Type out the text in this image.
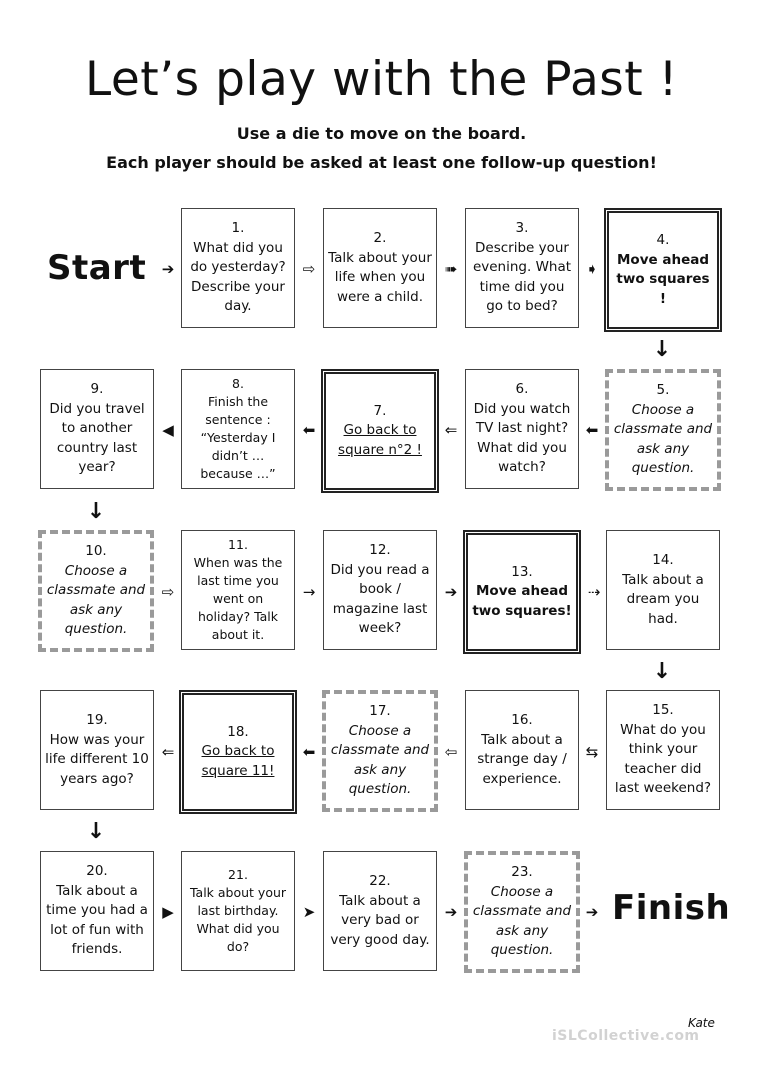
Let’s play with the Past !
Use a die to move on the board.
Each player should be asked at least one follow-up question!
Start
Finish
1.
What did you do yesterday? Describe your day.
2.
Talk about your life when you were a child.
3.
Describe your evening. What time did you go to bed?
4.
Move ahead two squares !
9.
Did you travel to another country last year?
8.
Finish the sentence : “Yesterday I didn’t … because …”
7.
Go back to square n°2 !
6.
Did you watch TV last night? What did you watch?
5.
Choose a classmate and ask any question.
10.
Choose a classmate and ask any question.
11.
When was the last time you went on holiday? Talk about it.
12.
Did you read a book / magazine last week?
13.
Move ahead two squares!
14.
Talk about a dream you had.
19.
How was your life different 10 years ago?
18.
Go back to square 11!
17.
Choose a classmate and ask any question.
16.
Talk about a strange day / experience.
15.
What do you think your teacher did last weekend?
20.
Talk about a time you had a lot of fun with friends.
21.
Talk about your last birthday. What did you do?
22.
Talk about a very bad or very good day.
23.
Choose a classmate and ask any question.
➔	⇨	➠	➧
↓
⬅
⇐
⬅
◀
↓
⇨	→	➔	⇢
↓
⇆
⇦
⬅
⇐
↓
▶	➤	➔	➔
Kate
iSLCollective.com
